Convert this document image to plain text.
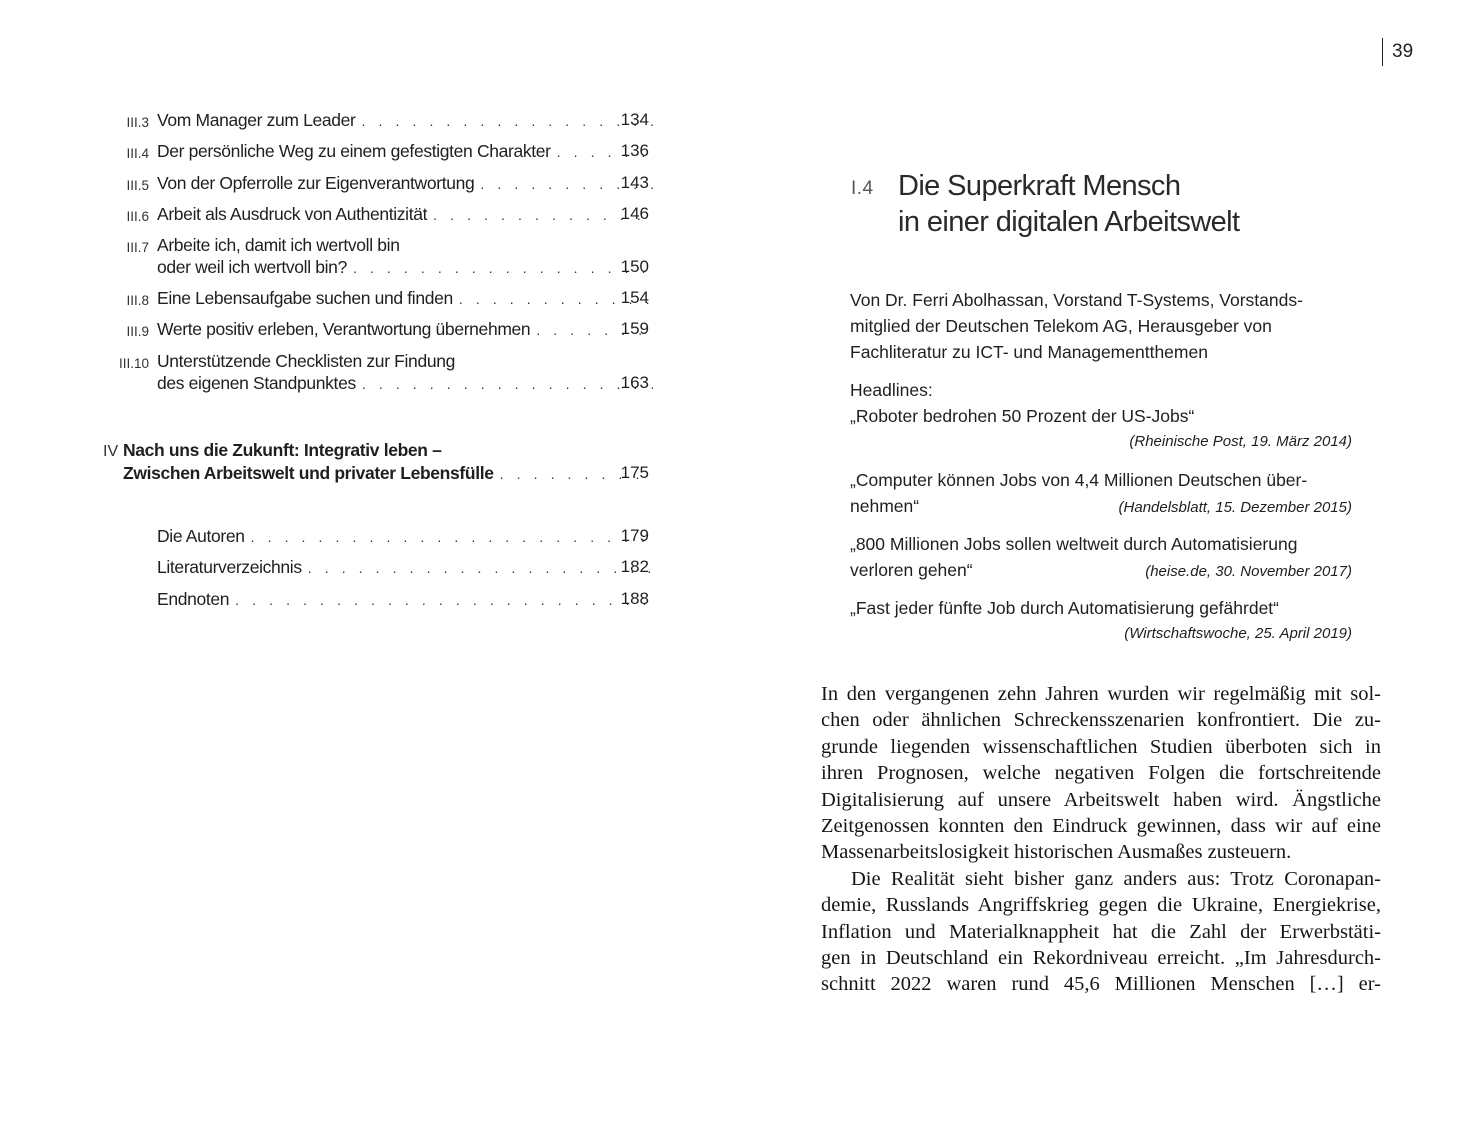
39
III.3 Vom Manager zum Leader . . .	134
III.4 Der persönliche Weg zu einem gefestigten Charakter . . .	136
III.5 Von der Opferrolle zur Eigenverantwortung . . .	143
III.6 Arbeit als Ausdruck von Authentizität . . .	146
III.7 Arbeite ich, damit ich wertvoll bin
oder weil ich wertvoll bin? . . .	150
III.8 Eine Lebensaufgabe suchen und finden . . .	154
III.9 Werte positiv erleben, Verantwortung übernehmen . . .	159
III.10 Unterstützende Checklisten zur Findung
des eigenen Standpunktes . . .	163
IV Nach uns die Zukunft: Integrativ leben –
Zwischen Arbeitswelt und privater Lebensfülle . . .	175
Die Autoren . . .	179
Literaturverzeichnis . . .	182
Endnoten . . .	188
I.4 Die Superkraft Mensch
in einer digitalen Arbeitswelt
Von Dr. Ferri Abolhassan, Vorstand T-Systems, Vorstands-
mitglied der Deutschen Telekom AG, Herausgeber von
Fachliteratur zu ICT- und Managementthemen
Headlines:
„Roboter bedrohen 50 Prozent der US-Jobs“
(Rheinische Post, 19. März 2014)
„Computer können Jobs von 4,4 Millionen Deutschen über-
nehmen“	(Handelsblatt, 15. Dezember 2015)
„800 Millionen Jobs sollen weltweit durch Automatisierung
verloren gehen“	(heise.de, 30. November 2017)
„Fast jeder fünfte Job durch Automatisierung gefährdet“
(Wirtschaftswoche, 25. April 2019)
In den vergangenen zehn Jahren wurden wir regelmäßig mit sol-
chen oder ähnlichen Schreckensszenarien konfrontiert. Die zu-
grunde liegenden wissenschaftlichen Studien überboten sich in
ihren Prognosen, welche negativen Folgen die fortschreitende
Digitalisierung auf unsere Arbeitswelt haben wird. Ängstliche
Zeitgenossen konnten den Eindruck gewinnen, dass wir auf eine
Massenarbeitslosigkeit historischen Ausmaßes zusteuern.
Die Realität sieht bisher ganz anders aus: Trotz Coronapan-
demie, Russlands Angriffskrieg gegen die Ukraine, Energiekrise,
Inflation und Materialknappheit hat die Zahl der Erwerbstäti-
gen in Deutschland ein Rekordniveau erreicht. „Im Jahresdurch-
schnitt 2022 waren rund 45,6 Millionen Menschen […] er-
